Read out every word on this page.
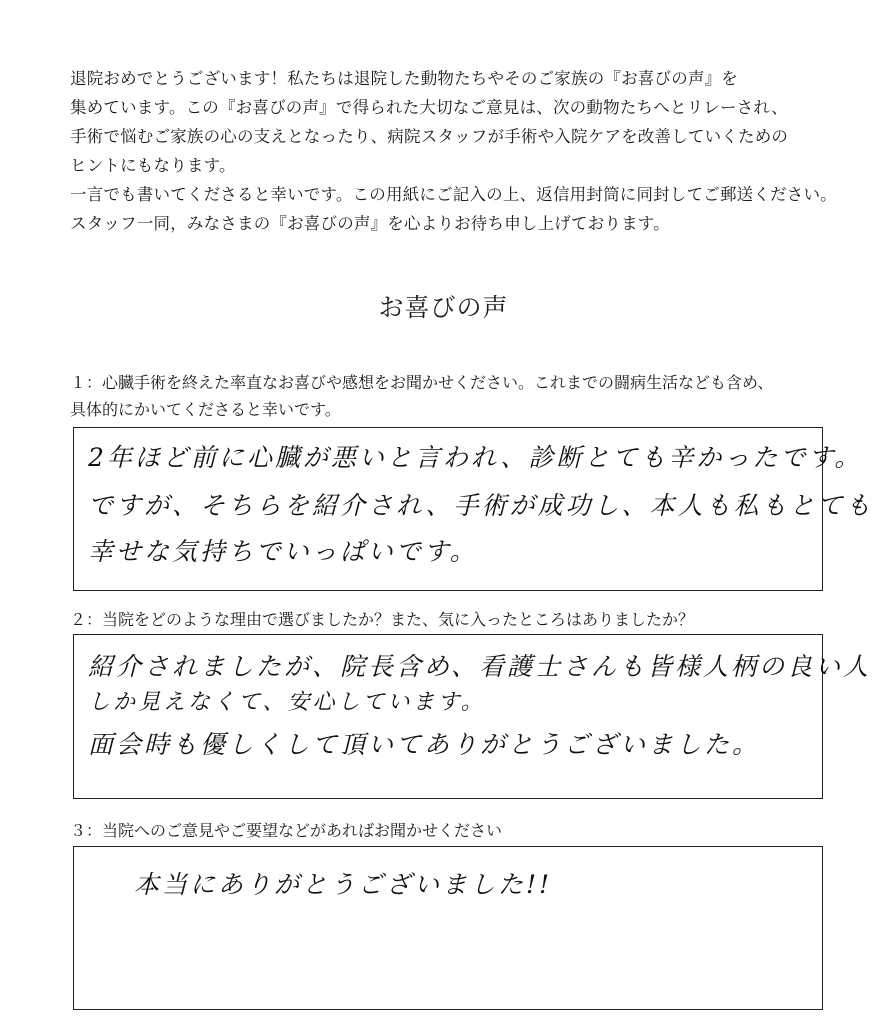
退院おめでとうございます！私たちは退院した動物たちやそのご家族の『お喜びの声』を

集めています。この『お喜びの声』で得られた大切なご意見は、次の動物たちへとリレーされ、

手術で悩むご家族の心の支えとなったり、病院スタッフが手術や入院ケアを改善していくための

ヒントにもなります。

一言でも書いてくださると幸いです。この用紙にご記入の上、返信用封筒に同封してご郵送ください。

スタッフ一同，みなさまの『お喜びの声』を心よりお待ち申し上げております。

お喜びの声
１：心臓手術を終えた率直なお喜びや感想をお聞かせください。これまでの闘病生活なども含め、
具体的にかいてくださると幸いです。
2年ほど前に心臓が悪いと言われ、診断とても辛かったです。
ですが、そちらを紹介され、手術が成功し、本人も私もとても
幸せな気持ちでいっぱいです。
２：当院をどのような理由で選びましたか？また、気に入ったところはありましたか？
紹介されましたが、院長含め、看護士さんも皆様人柄の良い人
しか見えなくて、安心しています。
面会時も優しくして頂いてありがとうございました。
３：当院へのご意見やご要望などがあればお聞かせください
本当にありがとうございました!!
